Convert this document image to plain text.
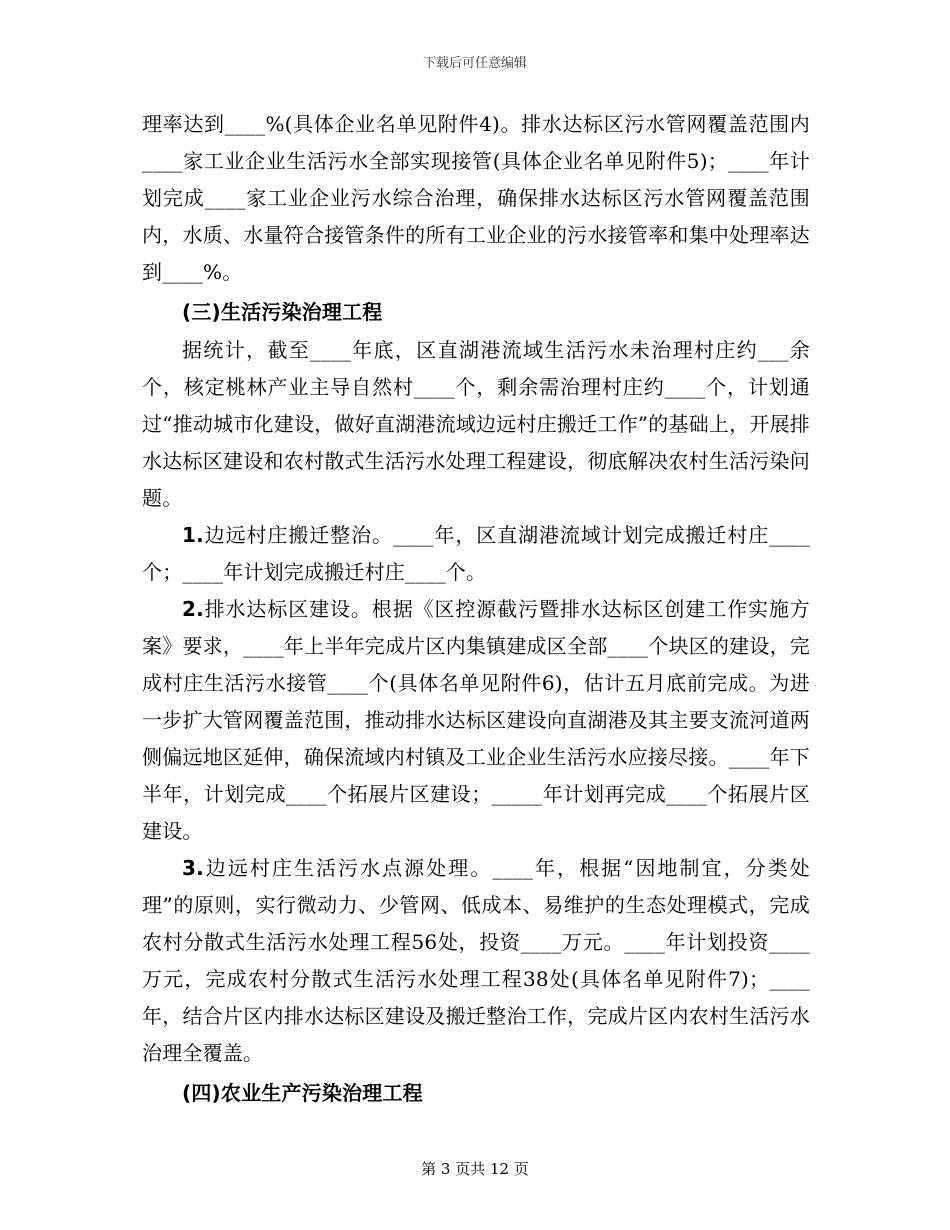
下载后可任意编辑

理率达到____%(具体企业名单见附件4)。排水达标区污水管网覆盖范围内____家工业企业生活污水全部实现接管(具体企业名单见附件5)；____年计划完成____家工业企业污水综合治理，确保排水达标区污水管网覆盖范围内，水质、水量符合接管条件的所有工业企业的污水接管率和集中处理率达到____%。

(三)生活污染治理工程

据统计，截至____年底，区直湖港流域生活污水未治理村庄约___余个，核定桃林产业主导自然村____个，剩余需治理村庄约____个，计划通过“推动城市化建设，做好直湖港流域边远村庄搬迁工作”的基础上，开展排水达标区建设和农村散式生活污水处理工程建设，彻底解决农村生活污染问题。

1.边远村庄搬迁整治。____年，区直湖港流域计划完成搬迁村庄____个；____年计划完成搬迁村庄____个。

2.排水达标区建设。根据《区控源截污暨排水达标区创建工作实施方案》要求，____年上半年完成片区内集镇建成区全部____个块区的建设，完成村庄生活污水接管____个(具体名单见附件6)，估计五月底前完成。为进一步扩大管网覆盖范围，推动排水达标区建设向直湖港及其主要支流河道两侧偏远地区延伸，确保流域内村镇及工业企业生活污水应接尽接。____年下半年，计划完成____个拓展片区建设；_____年计划再完成____个拓展片区建设。

3.边远村庄生活污水点源处理。____年，根据“因地制宜，分类处理”的原则，实行微动力、少管网、低成本、易维护的生态处理模式，完成农村分散式生活污水处理工程56处，投资____万元。____年计划投资____万元，完成农村分散式生活污水处理工程38处(具体名单见附件7)；____年，结合片区内排水达标区建设及搬迁整治工作，完成片区内农村生活污水治理全覆盖。

(四)农业生产污染治理工程

第 3 页共 12 页
